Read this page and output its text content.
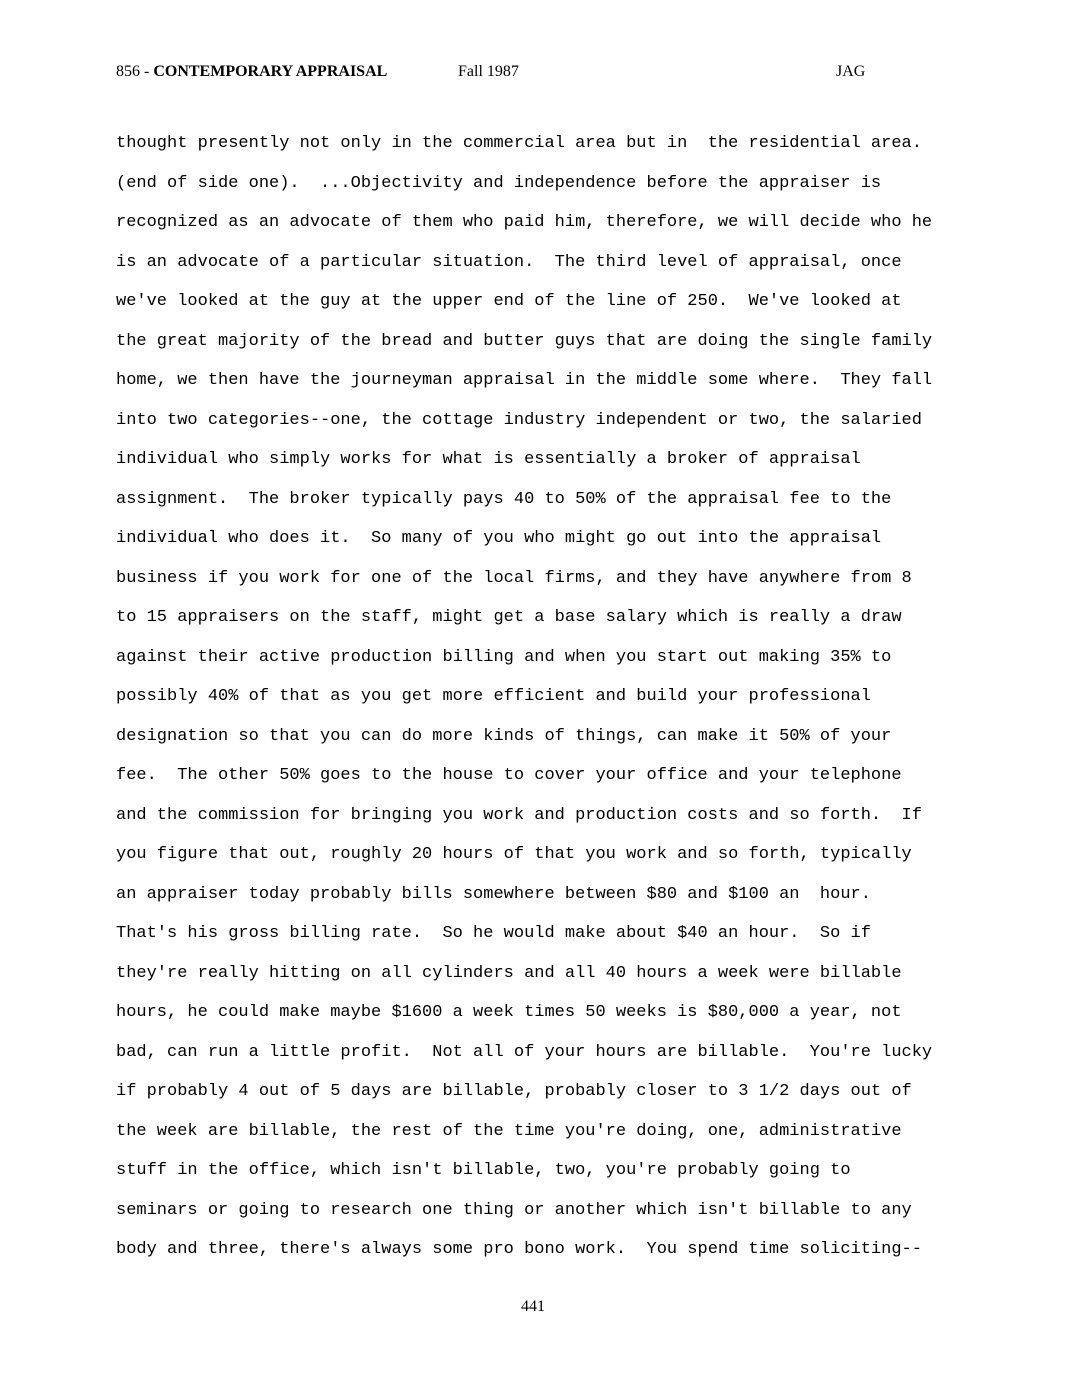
856 - CONTEMPORARY APPRAISAL	Fall 1987	JAG
thought presently not only in the commercial area but in  the residential area.
(end of side one).  ...Objectivity and independence before the appraiser is
recognized as an advocate of them who paid him, therefore, we will decide who he
is an advocate of a particular situation.  The third level of appraisal, once
we've looked at the guy at the upper end of the line of 250.  We've looked at
the great majority of the bread and butter guys that are doing the single family
home, we then have the journeyman appraisal in the middle some where.  They fall
into two categories--one, the cottage industry independent or two, the salaried
individual who simply works for what is essentially a broker of appraisal
assignment.  The broker typically pays 40 to 50% of the appraisal fee to the
individual who does it.  So many of you who might go out into the appraisal
business if you work for one of the local firms, and they have anywhere from 8
to 15 appraisers on the staff, might get a base salary which is really a draw
against their active production billing and when you start out making 35% to
possibly 40% of that as you get more efficient and build your professional
designation so that you can do more kinds of things, can make it 50% of your
fee.  The other 50% goes to the house to cover your office and your telephone
and the commission for bringing you work and production costs and so forth.  If
you figure that out, roughly 20 hours of that you work and so forth, typically
an appraiser today probably bills somewhere between $80 and $100 an  hour.
That's his gross billing rate.  So he would make about $40 an hour.  So if
they're really hitting on all cylinders and all 40 hours a week were billable
hours, he could make maybe $1600 a week times 50 weeks is $80,000 a year, not
bad, can run a little profit.  Not all of your hours are billable.  You're lucky
if probably 4 out of 5 days are billable, probably closer to 3 1/2 days out of
the week are billable, the rest of the time you're doing, one, administrative
stuff in the office, which isn't billable, two, you're probably going to
seminars or going to research one thing or another which isn't billable to any
body and three, there's always some pro bono work.  You spend time soliciting--
441
